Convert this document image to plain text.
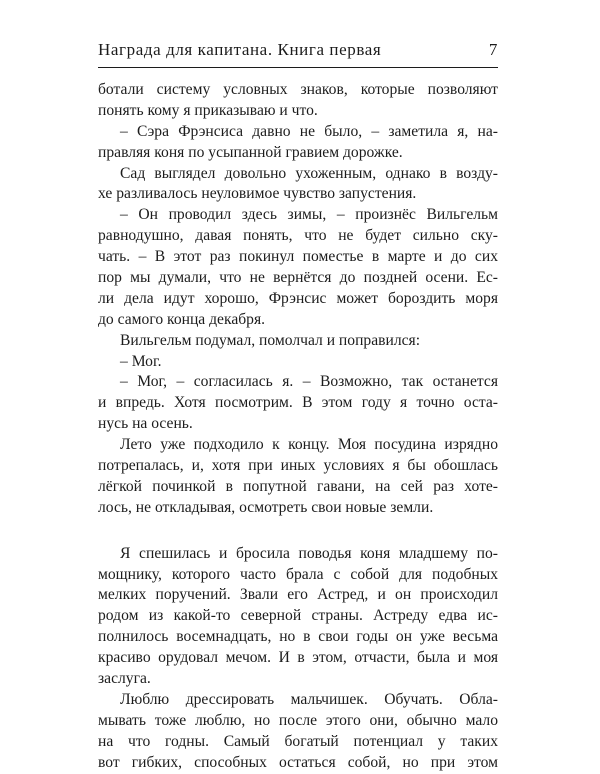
Награда для капитана. Книга первая	7
ботали систему условных знаков, которые позволяют
понять кому я приказываю и что.
– Сэра Фрэнсиса давно не было, – заметила я, на-
правляя коня по усыпанной гравием дорожке.
Сад выглядел довольно ухоженным, однако в возду-
хе разливалось неуловимое чувство запустения.
– Он проводил здесь зимы, – произнёс Вильгельм
равнодушно, давая понять, что не будет сильно ску-
чать. – В этот раз покинул поместье в марте и до сих
пор мы думали, что не вернётся до поздней осени. Ес-
ли дела идут хорошо, Фрэнсис может бороздить моря
до самого конца декабря.
Вильгельм подумал, помолчал и поправился:
– Мог.
– Мог, – согласилась я. – Возможно, так останется
и впредь. Хотя посмотрим. В этом году я точно оста-
нусь на осень.
Лето уже подходило к концу. Моя посудина изрядно
потрепалась, и, хотя при иных условиях я бы обошлась
лёгкой починкой в попутной гавани, на сей раз хоте-
лось, не откладывая, осмотреть свои новые земли.
Я спешилась и бросила поводья коня младшему по-
мощнику, которого часто брала с собой для подобных
мелких поручений. Звали его Астред, и он происходил
родом из какой-то северной страны. Астреду едва ис-
полнилось восемнадцать, но в свои годы он уже весьма
красиво орудовал мечом. И в этом, отчасти, была и моя
заслуга.
Люблю дрессировать мальчишек. Обучать. Обла-
мывать тоже люблю, но после этого они, обычно мало
на что годны. Самый богатый потенциал у таких
вот гибких, способных остаться собой, но при этом
